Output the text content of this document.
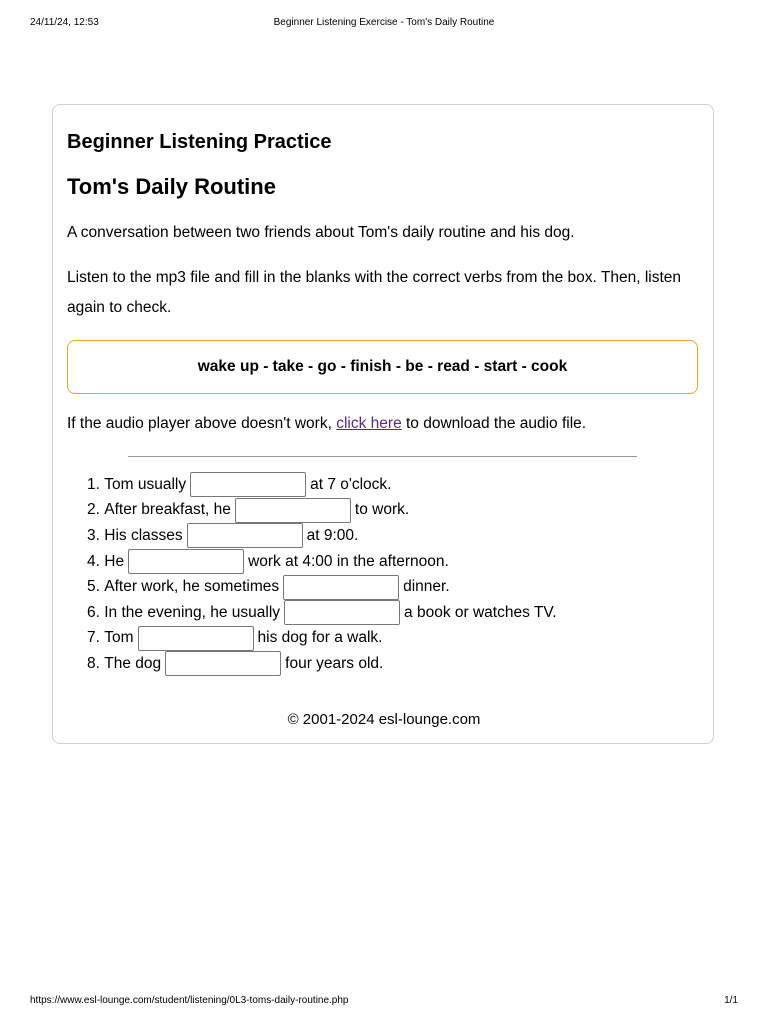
24/11/24, 12:53	Beginner Listening Exercise - Tom's Daily Routine
Beginner Listening Practice
Tom's Daily Routine

A conversation between two friends about Tom's daily routine and his dog.

Listen to the mp3 file and fill in the blanks with the correct verbs from the box. Then, listen again to check.

wake up - take - go - finish - be - read - start - cook

If the audio player above doesn't work, click here to download the audio file.

1.
Tom usually	at 7 o'clock.
2.
After breakfast, he	to work.
3.
His classes	at 9:00.
4.
He	work at 4:00 in the afternoon.
5.
After work, he sometimes	dinner.
6.
In the evening, he usually	a book or watches TV.
7.
Tom	his dog for a walk.
8.
The dog	four years old.
© 2001-2024 esl-lounge.com
https://www.esl-lounge.com/student/listening/0L3-toms-daily-routine.php	1/1
